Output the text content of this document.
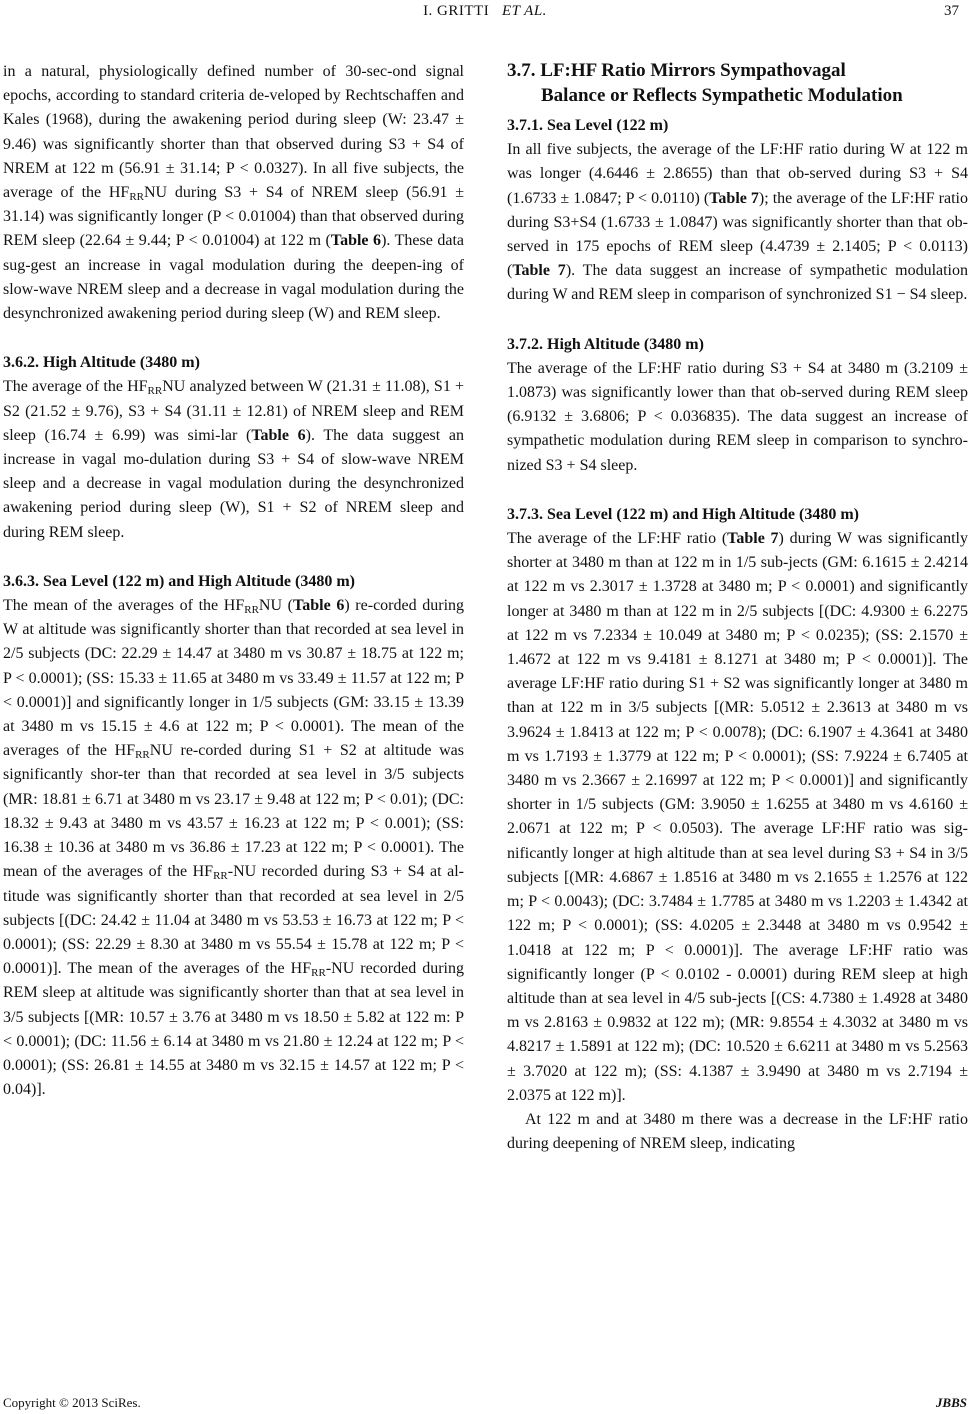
I. GRITTI ET AL.	37

in a natural, physiologically defined number of 30-sec-ond signal epochs, according to standard criteria de-veloped by Rechtschaffen and Kales (1968), during the awakening period during sleep (W: 23.47 ± 9.46) was significantly shorter than that observed during S3 + S4 of NREM at 122 m (56.91 ± 31.14; P < 0.0327). In all five subjects, the average of the $HF_{RR}NU$ during S3 + S4 of NREM sleep (56.91 ± 31.14) was significantly longer (P < 0.01004) than that observed during REM sleep (22.64 ± 9.44; P < 0.01004) at 122 m (Table 6). These data sug-gest an increase in vagal modulation during the deepen-ing of slow-wave NREM sleep and a decrease in vagal modulation during the desynchronized awakening period during sleep (W) and REM sleep.

3.6.2. High Altitude (3480 m)

The average of the $HF_{RR}NU$ analyzed between W (21.31 ± 11.08), S1 + S2 (21.52 ± 9.76), S3 + S4 (31.11 ± 12.81) of NREM sleep and REM sleep (16.74 ± 6.99) was simi-lar (Table 6). The data suggest an increase in vagal mo-dulation during S3 + S4 of slow-wave NREM sleep and a decrease in vagal modulation during the desynchronized awakening period during sleep (W), S1 + S2 of NREM sleep and during REM sleep.

3.6.3. Sea Level (122 m) and High Altitude (3480 m)

The mean of the averages of the $HF_{RR}NU$ (Table 6) re-corded during W at altitude was significantly shorter than that recorded at sea level in 2/5 subjects (DC: 22.29 ± 14.47 at 3480 m vs 30.87 ± 18.75 at 122 m; P < 0.0001); (SS: 15.33 ± 11.65 at 3480 m vs 33.49 ± 11.57 at 122 m; P < 0.0001)] and significantly longer in 1/5 subjects (GM: 33.15 ± 13.39 at 3480 m vs 15.15 ± 4.6 at 122 m; P < 0.0001). The mean of the averages of the $HF_{RR}NU$ re-corded during S1 + S2 at altitude was significantly shor-ter than that recorded at sea level in 3/5 subjects (MR: 18.81 ± 6.71 at 3480 m vs 23.17 ± 9.48 at 122 m; P < 0.01); (DC: 18.32 ± 9.43 at 3480 m vs 43.57 ± 16.23 at 122 m; P < 0.001); (SS: 16.38 ± 10.36 at 3480 m vs 36.86 ± 17.23 at 122 m; P < 0.0001). The mean of the averages of the $HF_{RR}-NU$ recorded during S3 + S4 at al-titude was significantly shorter than that recorded at sea level in 2/5 subjects [(DC: 24.42 ± 11.04 at 3480 m vs 53.53 ± 16.73 at 122 m; P < 0.0001); (SS: 22.29 ± 8.30 at 3480 m vs 55.54 ± 15.78 at 122 m; P < 0.0001)]. The mean of the averages of the $HF_{RR}-NU$ recorded during REM sleep at altitude was significantly shorter than that at sea level in 3/5 subjects [(MR: 10.57 ± 3.76 at 3480 m vs 18.50 ± 5.82 at 122 m: P < 0.0001); (DC: 11.56 ± 6.14 at 3480 m vs 21.80 ± 12.24 at 122 m; P < 0.0001); (SS: 26.81 ± 14.55 at 3480 m vs 32.15 ± 14.57 at 122 m; P < 0.04)].

3.7. LF:HF Ratio Mirrors Sympathovagal
Balance or Reflects Sympathetic Modulation

3.7.1. Sea Level (122 m)

In all five subjects, the average of the LF:HF ratio during W at 122 m was longer (4.6446 ± 2.8655) than that ob-served during S3 + S4 (1.6733 ± 1.0847; P < 0.0110) (Table 7); the average of the LF:HF ratio during S3+S4 (1.6733 ± 1.0847) was significantly shorter than that ob-served in 175 epochs of REM sleep (4.4739 ± 2.1405; P < 0.0113) (Table 7). The data suggest an increase of sympathetic modulation during W and REM sleep in comparison of synchronized S1 − S4 sleep.

3.7.2. High Altitude (3480 m)

The average of the LF:HF ratio during S3 + S4 at 3480 m (3.2109 ± 1.0873) was significantly lower than that ob-served during REM sleep (6.9132 ± 3.6806; P < 0.036835). The data suggest an increase of sympathetic modulation during REM sleep in comparison to synchro-nized S3 + S4 sleep.

3.7.3. Sea Level (122 m) and High Altitude (3480 m)

The average of the LF:HF ratio (Table 7) during W was significantly shorter at 3480 m than at 122 m in 1/5 sub-jects (GM: 6.1615 ± 2.4214 at 122 m vs 2.3017 ± 1.3728 at 3480 m; P < 0.0001) and significantly longer at 3480 m than at 122 m in 2/5 subjects [(DC: 4.9300 ± 6.2275 at 122 m vs 7.2334 ± 10.049 at 3480 m; P < 0.0235); (SS: 2.1570 ± 1.4672 at 122 m vs 9.4181 ± 8.1271 at 3480 m; P < 0.0001)]. The average LF:HF ratio during S1 + S2 was significantly longer at 3480 m than at 122 m in 3/5 subjects [(MR: 5.0512 ± 2.3613 at 3480 m vs 3.9624 ± 1.8413 at 122 m; P < 0.0078); (DC: 6.1907 ± 4.3641 at 3480 m vs 1.7193 ± 1.3779 at 122 m; P < 0.0001); (SS: 7.9224 ± 6.7405 at 3480 m vs 2.3667 ± 2.16997 at 122 m; P < 0.0001)] and significantly shorter in 1/5 subjects (GM: 3.9050 ± 1.6255 at 3480 m vs 4.6160 ± 2.0671 at 122 m; P < 0.0503). The average LF:HF ratio was sig-nificantly longer at high altitude than at sea level during S3 + S4 in 3/5 subjects [(MR: 4.6867 ± 1.8516 at 3480 m vs 2.1655 ± 1.2576 at 122 m; P < 0.0043); (DC: 3.7484 ± 1.7785 at 3480 m vs 1.2203 ± 1.4342 at 122 m; P < 0.0001); (SS: 4.0205 ± 2.3448 at 3480 m vs 0.9542 ± 1.0418 at 122 m; P < 0.0001)]. The average LF:HF ratio was significantly longer (P < 0.0102 - 0.0001) during REM sleep at high altitude than at sea level in 4/5 sub-jects [(CS: 4.7380 ± 1.4928 at 3480 m vs 2.8163 ± 0.9832 at 122 m); (MR: 9.8554 ± 4.3032 at 3480 m vs 4.8217 ± 1.5891 at 122 m); (DC: 10.520 ± 6.6211 at 3480 m vs 5.2563 ± 3.7020 at 122 m); (SS: 4.1387 ± 3.9490 at 3480 m vs 2.7194 ± 2.0375 at 122 m)].

At 122 m and at 3480 m there was a decrease in the LF:HF ratio during deepening of NREM sleep, indicating

Copyright © 2013 SciRes.	JBBS
